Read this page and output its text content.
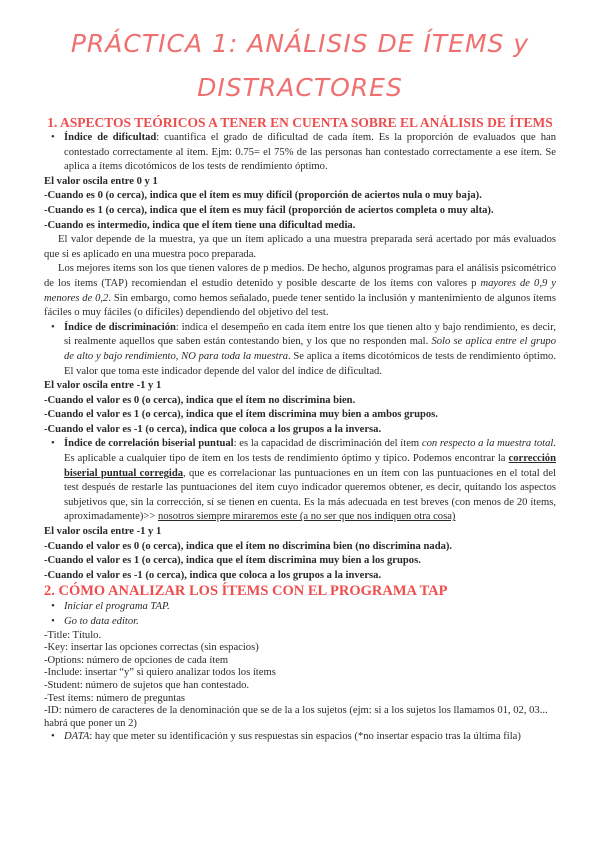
PRÁCTICA 1: ANÁLISIS DE ÍTEMS y
DISTRACTORES
1. ASPECTOS TEÓRICOS A TENER EN CUENTA SOBRE EL ANÁLISIS DE ÍTEMS
• Índice de dificultad: cuantifica el grado de dificultad de cada ítem. Es la proporción de evaluados que han contestado correctamente al ítem. Ejm: 0.75= el 75% de las personas han contestado correctamente a ese ítem. Se aplica a ítems dicotómicos de los tests de rendimiento óptimo.
El valor oscila entre 0 y 1
-Cuando es 0 (o cerca), indica que el ítem es muy difícil (proporción de aciertos nula o muy baja).
-Cuando es 1 (o cerca), indica que el ítem es muy fácil (proporción de aciertos completa o muy alta).
-Cuando es intermedio, indica que el ítem tiene una dificultad media.

El valor depende de la muestra, ya que un ítem aplicado a una muestra preparada será acertado por más evaluados que si es aplicado en una muestra poco preparada.

Los mejores ítems son los que tienen valores de p medios. De hecho, algunos programas para el análisis psicométrico de los ítems (TAP) recomiendan el estudio detenido y posible descarte de los ítems con valores p mayores de 0,9 y menores de 0,2. Sin embargo, como hemos señalado, puede tener sentido la inclusión y mantenimiento de algunos ítems fáciles o muy fáciles (o difíciles) dependiendo del objetivo del test.

• Índice de discriminación: indica el desempeño en cada ítem entre los que tienen alto y bajo rendimiento, es decir, si realmente aquellos que saben están contestando bien, y los que no responden mal. Solo se aplica entre el grupo de alto y bajo rendimiento, NO para toda la muestra. Se aplica a ítems dicotómicos de tests de rendimiento óptimo. El valor que toma este indicador depende del valor del índice de dificultad.
El valor oscila entre -1 y 1
-Cuando el valor es 0 (o cerca), indica que el ítem no discrimina bien.
-Cuando el valor es 1 (o cerca), indica que el ítem discrimina muy bien a ambos grupos.
-Cuando el valor es -1 (o cerca), indica que coloca a los grupos a la inversa.
• Índice de correlación biserial puntual: es la capacidad de discriminación del ítem con respecto a la muestra total. Es aplicable a cualquier tipo de ítem en los tests de rendimiento óptimo y típico. Podemos encontrar la corrección biserial puntual corregida, que es correlacionar las puntuaciones en un ítem con las puntuaciones en el total del test después de restarle las puntuaciones del ítem cuyo indicador queremos obtener, es decir, quitando los aspectos subjetivos que, sin la corrección, sí se tienen en cuenta. Es la más adecuada en test breves (con menos de 20 ítems, aproximadamente)>> nosotros siempre miraremos este (a no ser que nos indiquen otra cosa)
El valor oscila entre -1 y 1
-Cuando el valor es 0 (o cerca), indica que el ítem no discrimina bien (no discrimina nada).
-Cuando el valor es 1 (o cerca), indica que el ítem discrimina muy bien a los grupos.
-Cuando el valor es -1 (o cerca), indica que coloca a los grupos a la inversa.
2. CÓMO ANALIZAR LOS ÍTEMS CON EL PROGRAMA TAP
• Iniciar el programa TAP.
• Go to data editor.

-Title: Título.

-Key: insertar las opciones correctas (sin espacios)

-Options: número de opciones de cada ítem

-Include: insertar “y” si quiero analizar todos los ítems

-Student: número de sujetos que han contestado.

-Test ítems: número de preguntas

-ID: número de caracteres de la denominación que se de la a los sujetos (ejm: si a los sujetos los llamamos 01, 02, 03... habrá que poner un 2)

• DATA: hay que meter su identificación y sus respuestas sin espacios (*no insertar espacio tras la última fila)
